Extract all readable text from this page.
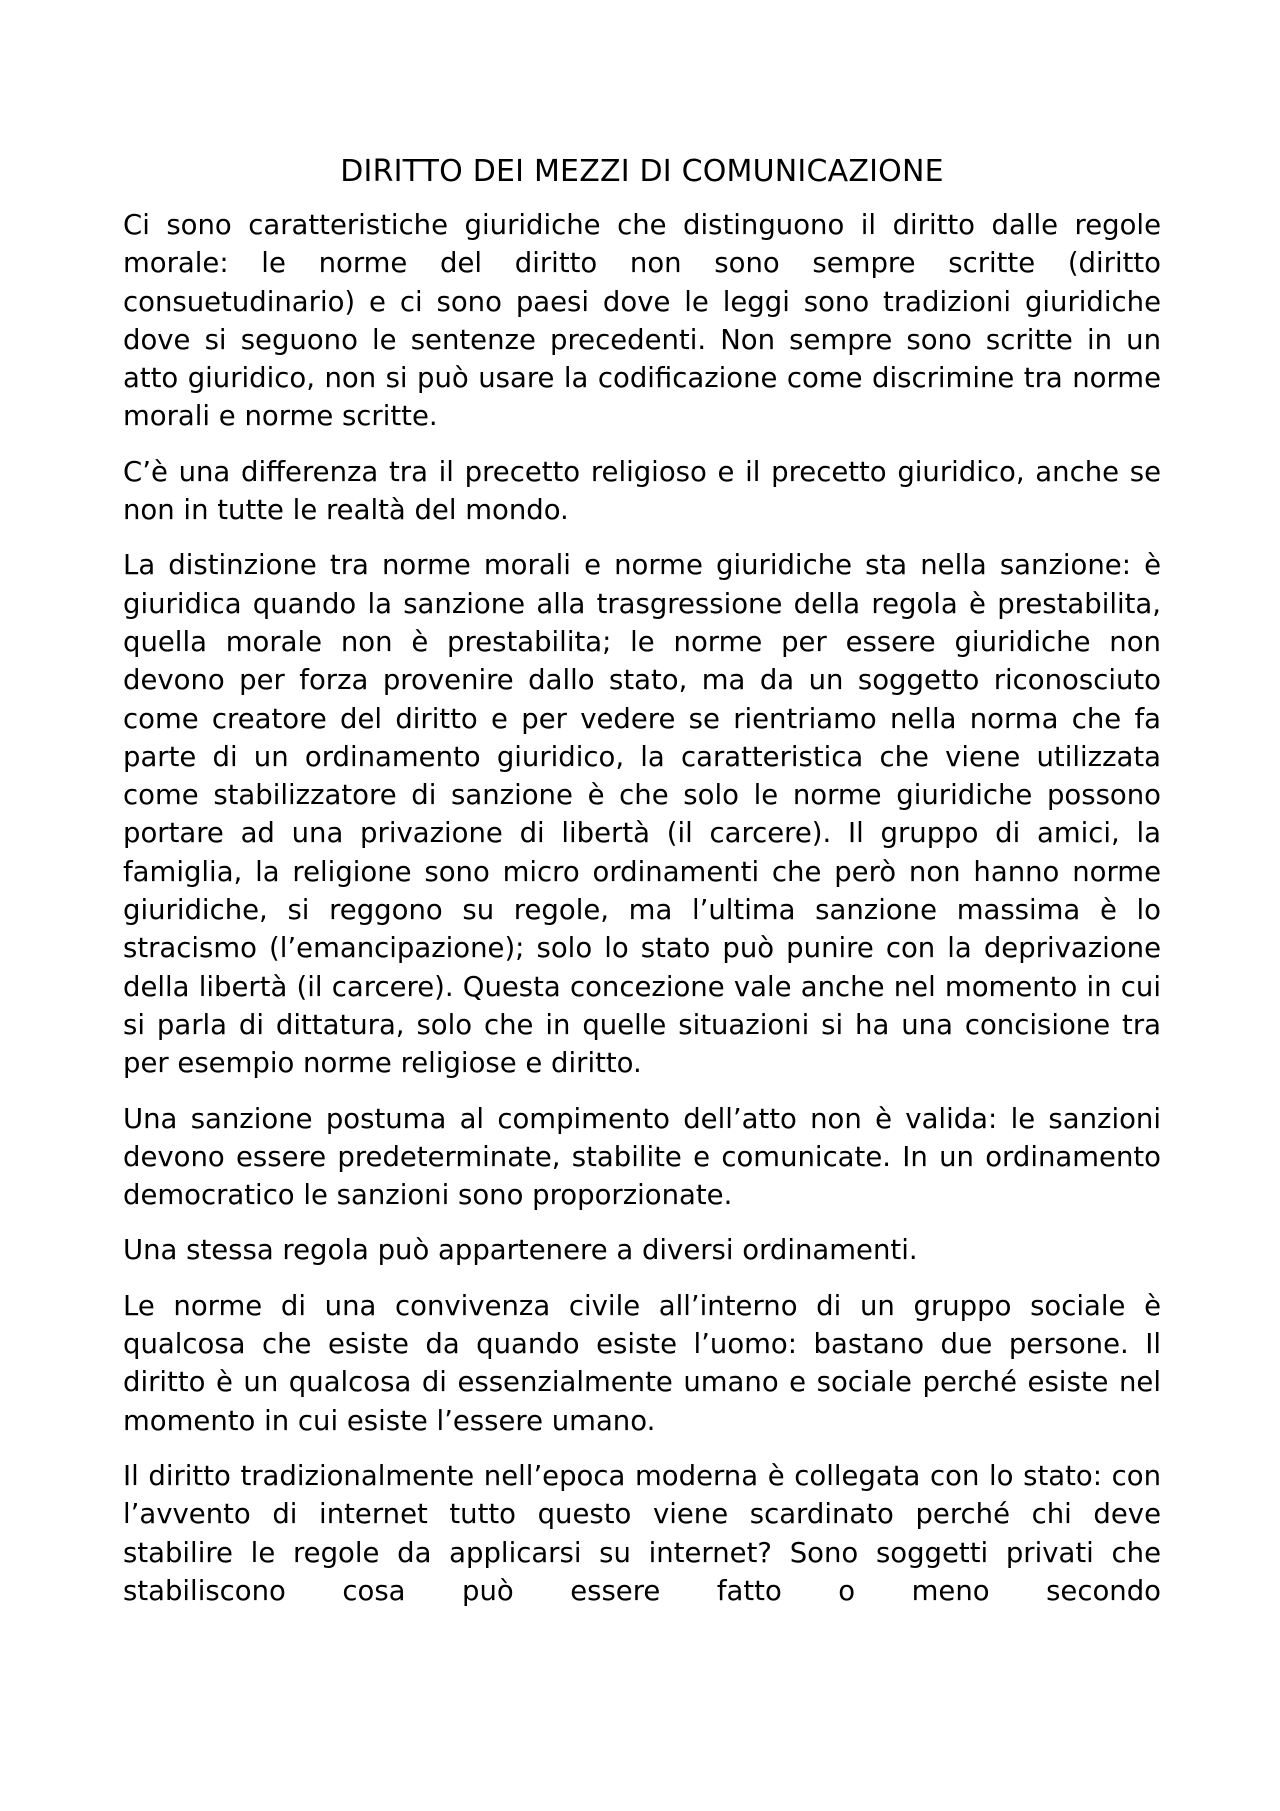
DIRITTO DEI MEZZI DI COMUNICAZIONE

Ci sono caratteristiche giuridiche che distinguono il diritto dalle regole morale: le norme del diritto non sono sempre scritte (diritto consuetudinario) e ci sono paesi dove le leggi sono tradizioni giuridiche dove si seguono le sentenze precedenti. Non sempre sono scritte in un atto giuridico, non si può usare la codificazione come discrimine tra norme morali e norme scritte.

C’è una differenza tra il precetto religioso e il precetto giuridico, anche se non in tutte le realtà del mondo.

La distinzione tra norme morali e norme giuridiche sta nella sanzione: è giuridica quando la sanzione alla trasgressione della regola è prestabilita, quella morale non è prestabilita; le norme per essere giuridiche non devono per forza provenire dallo stato, ma da un soggetto riconosciuto come creatore del diritto e per vedere se rientriamo nella norma che fa parte di un ordinamento giuridico, la caratteristica che viene utilizzata come stabilizzatore di sanzione è che solo le norme giuridiche possono portare ad una privazione di libertà (il carcere). Il gruppo di amici, la famiglia, la religione sono micro ordinamenti che però non hanno norme giuridiche, si reggono su regole, ma l’ultima sanzione massima è lo stracismo (l’emancipazione); solo lo stato può punire con la deprivazione della libertà (il carcere). Questa concezione vale anche nel momento in cui si parla di dittatura, solo che in quelle situazioni si ha una concisione tra per esempio norme religiose e diritto.

Una sanzione postuma al compimento dell’atto non è valida: le sanzioni devono essere predeterminate, stabilite e comunicate. In un ordinamento democratico le sanzioni sono proporzionate.

Una stessa regola può appartenere a diversi ordinamenti.

Le norme di una convivenza civile all’interno di un gruppo sociale è qualcosa che esiste da quando esiste l’uomo: bastano due persone. Il diritto è un qualcosa di essenzialmente umano e sociale perché esiste nel momento in cui esiste l’essere umano.

Il diritto tradizionalmente nell’epoca moderna è collegata con lo stato: con l’avvento di internet tutto questo viene scardinato perché chi deve stabilire le regole da applicarsi su internet? Sono soggetti privati che stabiliscono cosa può essere fatto o meno secondo
